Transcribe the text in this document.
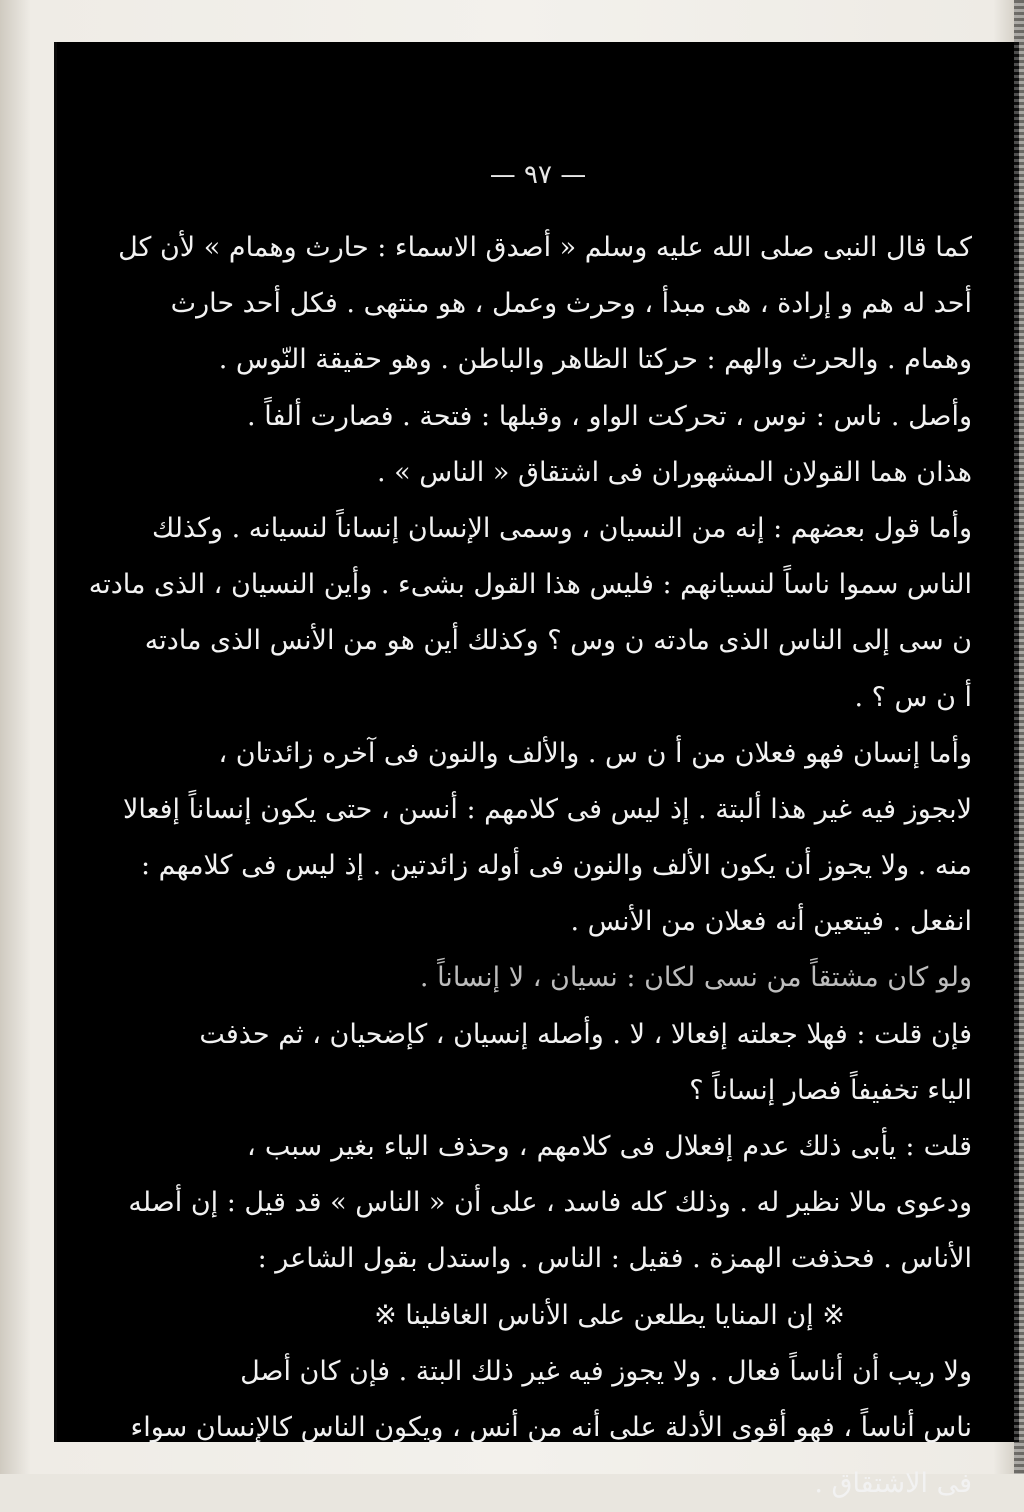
— ٩٧ —
كما قال النبى صلى الله عليه وسلم « أصدق الاسماء : حارث وهمام » لأن كل
أحد له هم و إرادة ، هى مبدأ ، وحرث وعمل ، هو منتهى . فكل أحد حارث
وهمام . والحرث والهم : حركتا الظاهر والباطن . وهو حقيقة النّوس .
وأصل . ناس : نوس ، تحركت الواو ، وقبلها : فتحة . فصارت ألفاً .
هذان هما القولان المشهوران فى اشتقاق « الناس » .
وأما قول بعضهم : إنه من النسيان ، وسمى الإنسان إنساناً لنسيانه . وكذلك
الناس سموا ناساً لنسيانهم : فليس هذا القول بشىء . وأين النسيان ، الذى مادته
ن سى إلى الناس الذى مادته ن وس ؟ وكذلك أين هو من الأنس الذى مادته
أ ن س ؟ .
وأما إنسان فهو فعلان من أ ن س . والألف والنون فى آخره زائدتان ،
لابجوز فيه غير هذا ألبتة . إذ ليس فى كلامهم : أنسن ، حتى يكون إنساناً إفعالا
منه . ولا يجوز أن يكون الألف والنون فى أوله زائدتين . إذ ليس فى كلامهم :
انفعل . فيتعين أنه فعلان من الأنس .
ولو كان مشتقاً من نسى لكان : نسيان ، لا إنساناً .
فإن قلت : فهلا جعلته إفعالا ، لا . وأصله إنسيان ، كإضحيان ، ثم حذفت
الياء تخفيفاً فصار إنساناً ؟
قلت : يأبى ذلك عدم إفعلال فى كلامهم ، وحذف الياء بغير سبب ،
ودعوى مالا نظير له . وذلك كله فاسد ، على أن « الناس » قد قيل : إن أصله
الأناس . فحذفت الهمزة . فقيل : الناس . واستدل بقول الشاعر :
※ إن المنايا يطلعن على الأناس الغافلينا ※
ولا ريب أن أناساً فعال . ولا يجوز فيه غير ذلك البتة . فإن كان أصل
ناس أناساً ، فهو أقوى الأدلة على أنه من أنس ، ويكون الناس كالإنسان سواء
فى الاشتقاق .
